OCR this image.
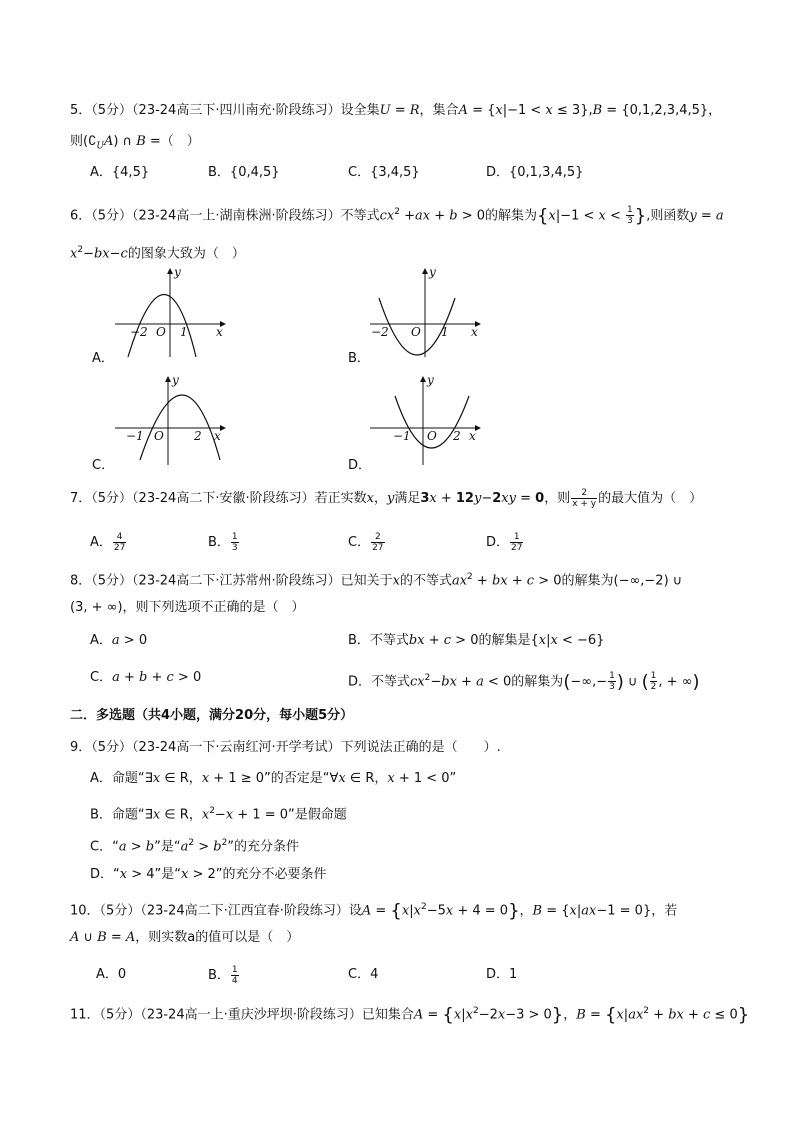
5．（5分）（23-24高三下·四川南充·阶段练习）设全集U = R，集合A = {x|−1 < x ≤ 3},B = {0,1,2,3,4,5}，
则$(∁_UA)$ ∩ B =（　）
A．{4,5}	B．{0,4,5}	C．{3,4,5}	D．{0,1,3,4,5}
6．（5分）（23-24高一上·湖南株洲·阶段练习）不等式$cx^2 +ax + b > 0$的解集为{$x|-1 < x < \frac{1}{3}$ },则函数y = a
$x^2-bx-c$的图象大致为（　）
A．
y
x
−2 O 1
B．
y
x
−2 O 1
C．
y
x
−1 O	2
D．
y
x
−1 O 2
7．（5分）（23-24高二下·安徽·阶段练习）若正实数x，y满足3x + 12y−2xy = 0，则 $\frac{2}{x + y}$ 的最大值为（　）
A． $\frac{4}{27}$	B． $\frac{1}{3}$	C． $\frac{2}{27}$	D． $\frac{1}{27}$
8．（5分）（23-24高二下·江苏常州·阶段练习）已知关于x的不等式$ax^2$ + bx + c > 0的解集为(−∞,−2) ∪
(3, + ∞)，则下列选项不正确的是（　）
A．a > 0	B．不等式bx + c > 0的解集是{x|x < −6}
C．a + b + c > 0	D．不等式$cx^2-bx + a < 0$的解集为(−∞,− $\frac{1}{3}$ ) ∪ ( $\frac{1}{2}$ , + ∞)
二．多选题（共4小题，满分20分，每小题5分）
9．（5分）（23-24高一下·云南红河·开学考试）下列说法正确的是（　　）.
A．命题“∃x ∈ R，x + 1 ≥ 0”的否定是“∀x ∈ R，x + 1 < 0”
B．命题“∃x ∈ R，$x^2-x + 1 = 0$”是假命题
C．“a > b”是“$a^2 > b^2$”的充分条件
D．“x > 4”是“x > 2”的充分不必要条件
10．（5分）（23-24高二下·江西宜春·阶段练习）设$A = \{x|x^2-5x + 4 = 0\}$，B = {x|ax−1 = 0}，若
A ∪ B = A，则实数a的值可以是（　）
A．0	B． $\frac{1}{4}$	C．4	D．1
11．（5分）（23-24高一上·重庆沙坪坝·阶段练习）已知集合$A = \{x|x^2-2x-3 > 0\}$，$B = \{x|ax^2$ + bx + c ≤ 0}
